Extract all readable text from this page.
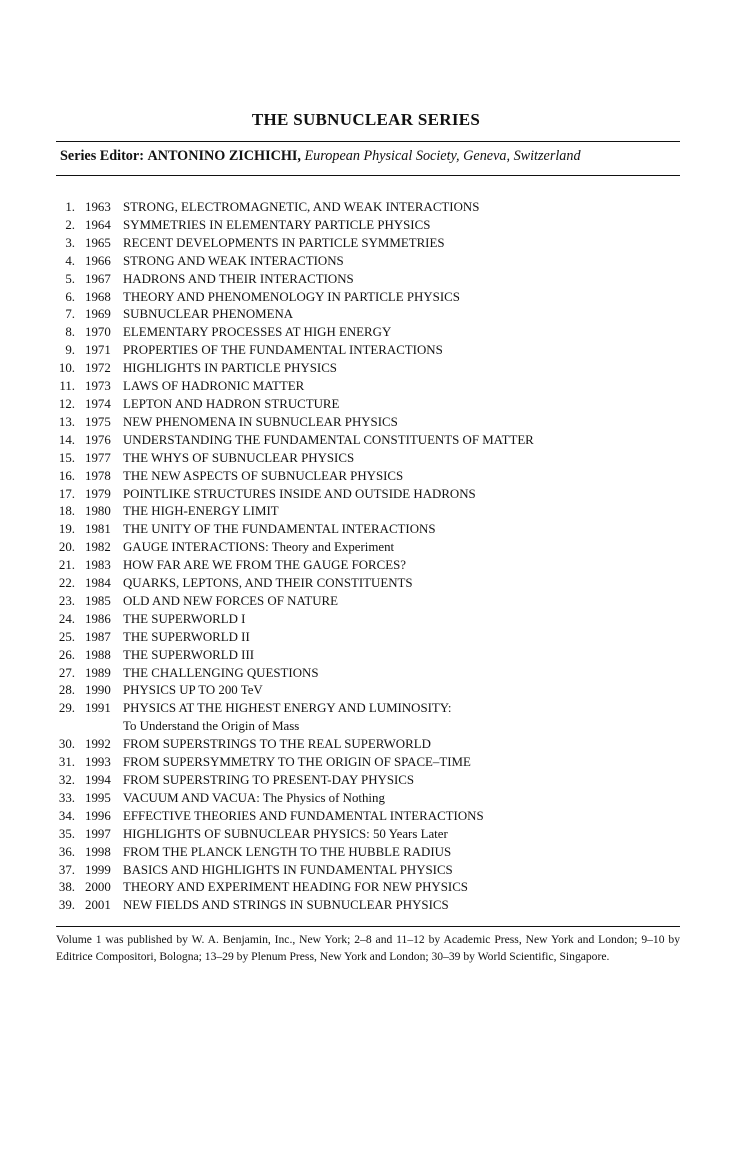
THE SUBNUCLEAR SERIES
Series Editor: ANTONINO ZICHICHI, European Physical Society, Geneva, Switzerland
1. 1963 STRONG, ELECTROMAGNETIC, AND WEAK INTERACTIONS
2. 1964 SYMMETRIES IN ELEMENTARY PARTICLE PHYSICS
3. 1965 RECENT DEVELOPMENTS IN PARTICLE SYMMETRIES
4. 1966 STRONG AND WEAK INTERACTIONS
5. 1967 HADRONS AND THEIR INTERACTIONS
6. 1968 THEORY AND PHENOMENOLOGY IN PARTICLE PHYSICS
7. 1969 SUBNUCLEAR PHENOMENA
8. 1970 ELEMENTARY PROCESSES AT HIGH ENERGY
9. 1971 PROPERTIES OF THE FUNDAMENTAL INTERACTIONS
10. 1972 HIGHLIGHTS IN PARTICLE PHYSICS
11. 1973 LAWS OF HADRONIC MATTER
12. 1974 LEPTON AND HADRON STRUCTURE
13. 1975 NEW PHENOMENA IN SUBNUCLEAR PHYSICS
14. 1976 UNDERSTANDING THE FUNDAMENTAL CONSTITUENTS OF MATTER
15. 1977 THE WHYS OF SUBNUCLEAR PHYSICS
16. 1978 THE NEW ASPECTS OF SUBNUCLEAR PHYSICS
17. 1979 POINTLIKE STRUCTURES INSIDE AND OUTSIDE HADRONS
18. 1980 THE HIGH-ENERGY LIMIT
19. 1981 THE UNITY OF THE FUNDAMENTAL INTERACTIONS
20. 1982 GAUGE INTERACTIONS: Theory and Experiment
21. 1983 HOW FAR ARE WE FROM THE GAUGE FORCES?
22. 1984 QUARKS, LEPTONS, AND THEIR CONSTITUENTS
23. 1985 OLD AND NEW FORCES OF NATURE
24. 1986 THE SUPERWORLD I
25. 1987 THE SUPERWORLD II
26. 1988 THE SUPERWORLD III
27. 1989 THE CHALLENGING QUESTIONS
28. 1990 PHYSICS UP TO 200 TeV
29. 1991 PHYSICS AT THE HIGHEST ENERGY AND LUMINOSITY:
To Understand the Origin of Mass
30. 1992 FROM SUPERSTRINGS TO THE REAL SUPERWORLD
31. 1993 FROM SUPERSYMMETRY TO THE ORIGIN OF SPACE–TIME
32. 1994 FROM SUPERSTRING TO PRESENT-DAY PHYSICS
33. 1995 VACUUM AND VACUA: The Physics of Nothing
34. 1996 EFFECTIVE THEORIES AND FUNDAMENTAL INTERACTIONS
35. 1997 HIGHLIGHTS OF SUBNUCLEAR PHYSICS: 50 Years Later
36. 1998 FROM THE PLANCK LENGTH TO THE HUBBLE RADIUS
37. 1999 BASICS AND HIGHLIGHTS IN FUNDAMENTAL PHYSICS
38. 2000 THEORY AND EXPERIMENT HEADING FOR NEW PHYSICS
39. 2001 NEW FIELDS AND STRINGS IN SUBNUCLEAR PHYSICS
Volume 1 was published by W. A. Benjamin, Inc., New York; 2–8 and 11–12 by Academic Press, New York and London; 9–10 by Editrice Compositori, Bologna; 13–29 by Plenum Press, New York and London; 30–39 by World Scientific, Singapore.
